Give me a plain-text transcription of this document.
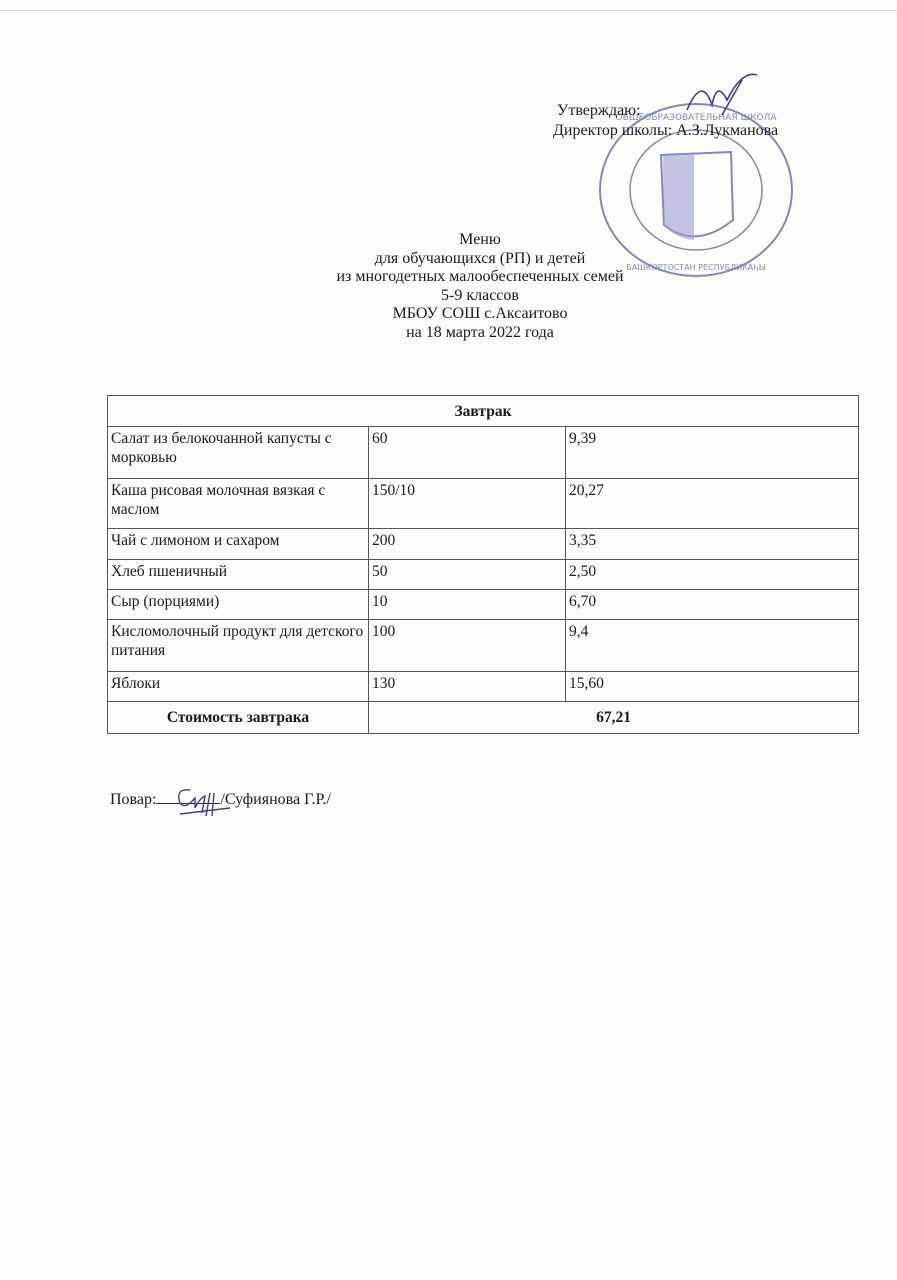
ОБЩЕОБРАЗОВАТЕЛЬНАЯ ШКОЛА
БАШКОРТОСТАН РЕСПУБЛИКАҺЫ
Утверждаю:
Директор школы: А.З.Лукманова
Меню
для обучающихся (РП) и детей
из многодетных малообеспеченных семей
5-9 классов
МБОУ СОШ с.Аксаитово
на 18 марта 2022 года
Завтрак		
Салат из белокочанной капусты с морковью	60	9,39
Каша рисовая молочная вязкая с маслом	150/10	20,27
Чай с лимоном и сахаром	200	3,35
Хлеб пшеничный	50	2,50
Сыр (порциями)	10	6,70
Кисломолочный продукт для детского питания	100	9,4
Яблоки	130	15,60
Стоимость завтрака	67,21	
Повар:	/Суфиянова Г.Р./
